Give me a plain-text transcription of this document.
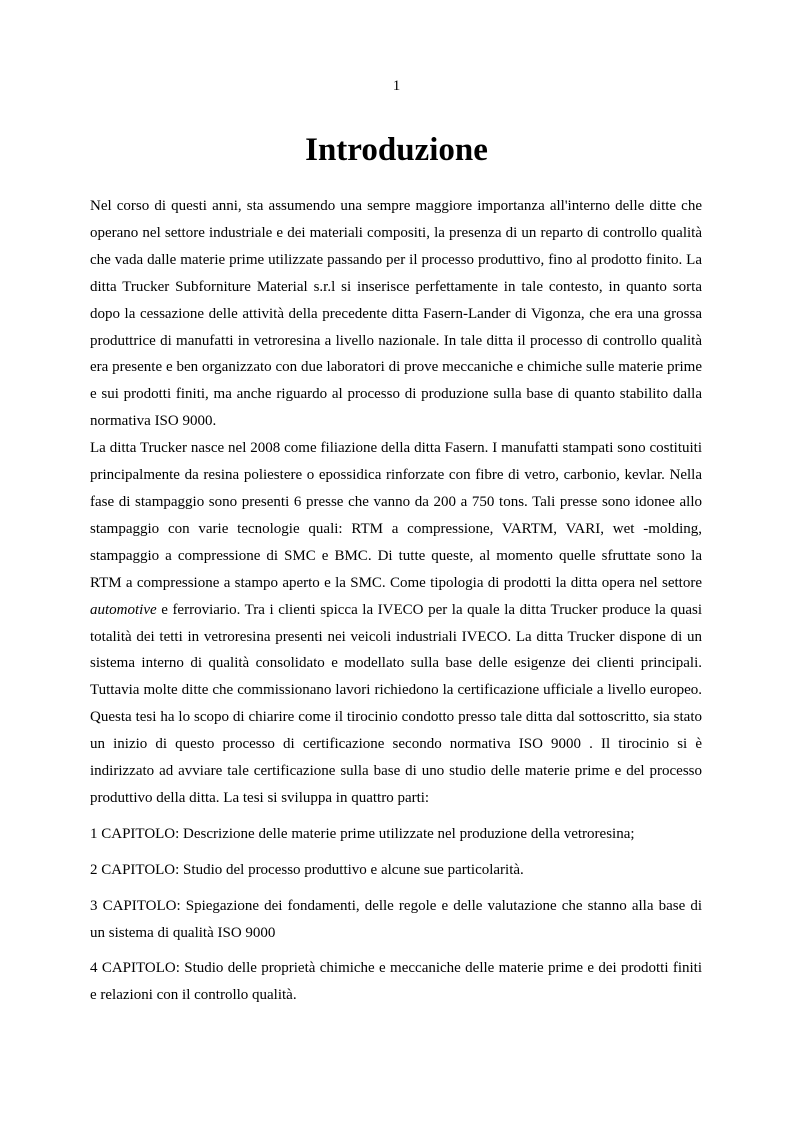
1
Introduzione

Nel corso di questi anni, sta assumendo una sempre maggiore importanza all'interno delle ditte che operano nel settore industriale e dei materiali compositi, la presenza di un reparto di controllo qualità che vada dalle materie prime utilizzate passando per il processo produttivo, fino al prodotto finito. La ditta Trucker Subforniture Material s.r.l si inserisce perfettamente in tale contesto, in quanto sorta dopo la cessazione delle attività della precedente ditta Fasern-Lander di Vigonza, che era una grossa produttrice di manufatti in vetroresina a livello nazionale. In tale ditta il processo di controllo qualità era presente e ben organizzato con due laboratori di prove meccaniche e chimiche sulle materie prime e sui prodotti finiti, ma anche riguardo al processo di produzione sulla base di quanto stabilito dalla normativa ISO 9000.

La ditta Trucker nasce nel 2008 come filiazione della ditta Fasern. I manufatti stampati sono costituiti principalmente da resina poliestere o epossidica rinforzate con fibre di vetro, carbonio, kevlar. Nella fase di stampaggio sono presenti 6 presse che vanno da 200 a 750 tons. Tali presse sono idonee allo stampaggio con varie tecnologie quali: RTM a compressione, VARTM, VARI, wet -molding, stampaggio a compressione di SMC e BMC. Di tutte queste, al momento quelle sfruttate sono la RTM a compressione a stampo aperto e la SMC. Come tipologia di prodotti la ditta opera nel settore automotive e ferroviario. Tra i clienti spicca la IVECO per la quale la ditta Trucker produce la quasi totalità dei tetti in vetroresina presenti nei veicoli industriali IVECO. La ditta Trucker dispone di un sistema interno di qualità consolidato e modellato sulla base delle esigenze dei clienti principali. Tuttavia molte ditte che commissionano lavori richiedono la certificazione ufficiale a livello europeo. Questa tesi ha lo scopo di chiarire come il tirocinio condotto presso tale ditta dal sottoscritto, sia stato un inizio di questo processo di certificazione secondo normativa ISO 9000 . Il tirocinio si è indirizzato ad avviare tale certificazione sulla base di uno studio delle materie prime e del processo produttivo della ditta. La tesi si sviluppa in quattro parti:

1 CAPITOLO: Descrizione delle materie prime utilizzate nel produzione della vetroresina;

2 CAPITOLO: Studio del processo produttivo e alcune sue particolarità.

3 CAPITOLO: Spiegazione dei fondamenti, delle regole e delle valutazione che stanno alla base di un sistema di qualità ISO 9000

4 CAPITOLO: Studio delle proprietà chimiche e meccaniche delle materie prime e dei prodotti finiti e relazioni con il controllo qualità.
